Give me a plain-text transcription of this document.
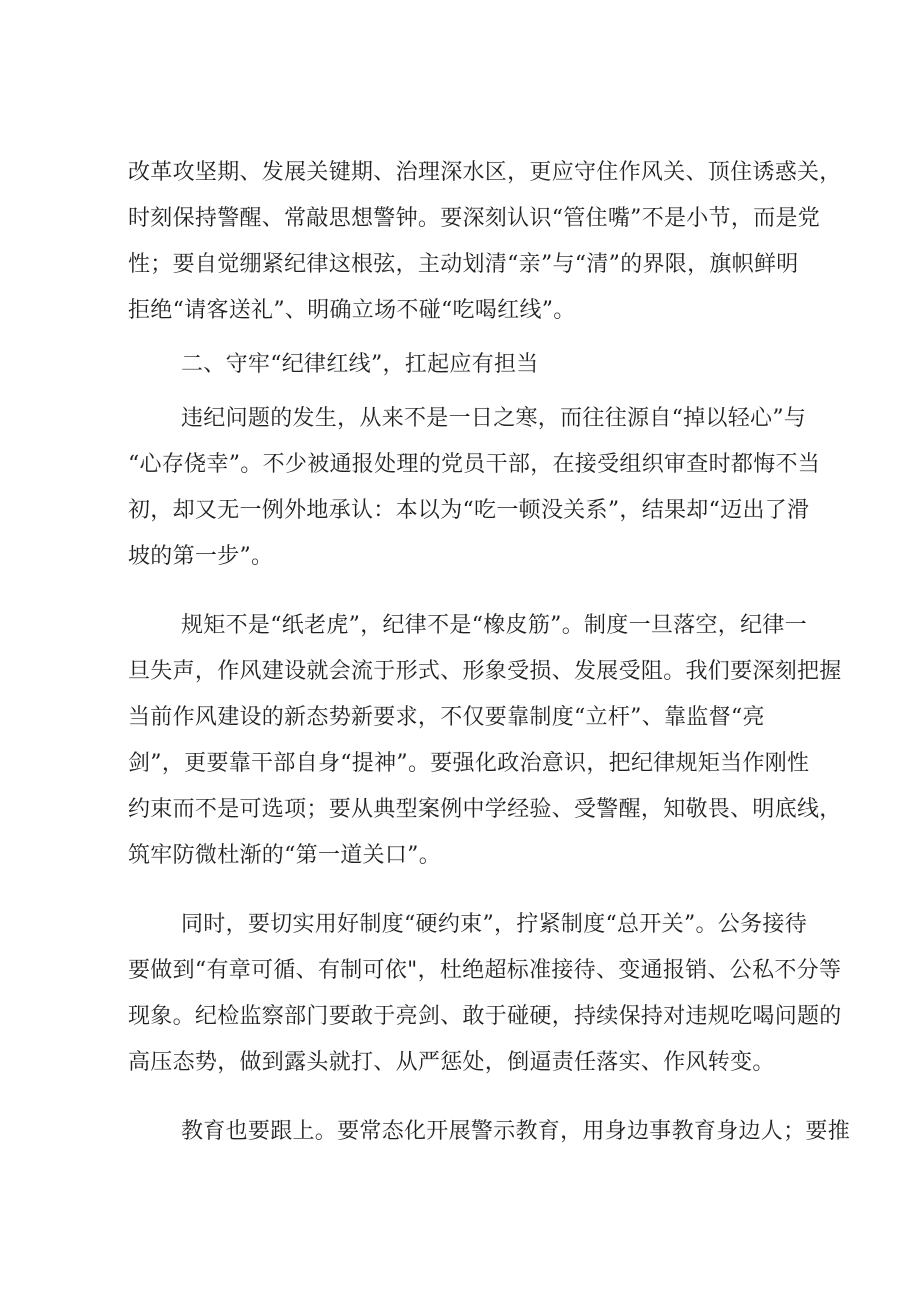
改革攻坚期、发展关键期、治理深水区，更应守住作风关、顶住诱惑关，
时刻保持警醒、常敲思想警钟。要深刻认识“管住嘴”不是小节，而是党
性；要自觉绷紧纪律这根弦，主动划清“亲”与“清”的界限，旗帜鲜明
拒绝“请客送礼”、明确立场不碰“吃喝红线”。
二、守牢“纪律红线”，扛起应有担当
违纪问题的发生，从来不是一日之寒，而往往源自“掉以轻心”与
“心存侥幸”。不少被通报处理的党员干部，在接受组织审查时都悔不当
初，却又无一例外地承认：本以为“吃一顿没关系”，结果却“迈出了滑
坡的第一步”。
规矩不是“纸老虎”，纪律不是“橡皮筋”。制度一旦落空，纪律一
旦失声，作风建设就会流于形式、形象受损、发展受阻。我们要深刻把握
当前作风建设的新态势新要求，不仅要靠制度“立杆”、靠监督“亮
剑”，更要靠干部自身“提神”。要强化政治意识，把纪律规矩当作刚性
约束而不是可选项；要从典型案例中学经验、受警醒，知敬畏、明底线，
筑牢防微杜渐的“第一道关口”。
同时，要切实用好制度“硬约束”，拧紧制度“总开关”。公务接待
要做到“有章可循、有制可依"，杜绝超标准接待、变通报销、公私不分等
现象。纪检监察部门要敢于亮剑、敢于碰硬，持续保持对违规吃喝问题的
高压态势，做到露头就打、从严惩处，倒逼责任落实、作风转变。
教育也要跟上。要常态化开展警示教育，用身边事教育身边人；要推
